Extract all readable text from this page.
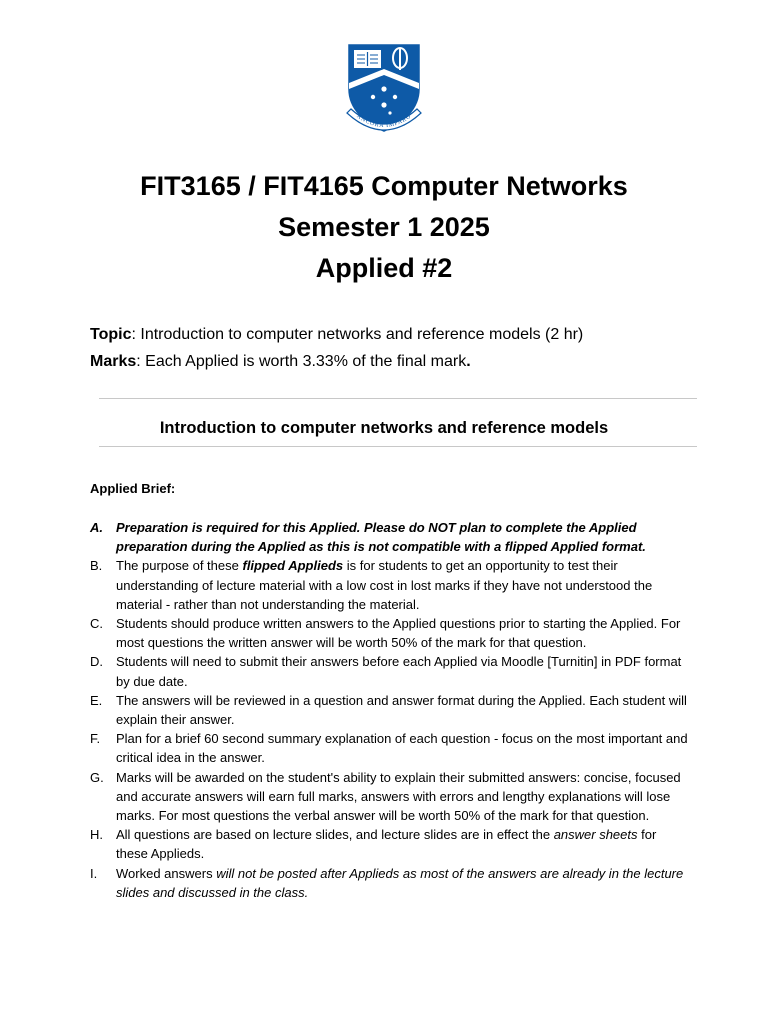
ANCORA IMPARO
FIT3165 / FIT4165 Computer Networks
Semester 1 2025
Applied #2
Topic: Introduction to computer networks and reference models (2 hr)
Marks: Each Applied is worth 3.33% of the final mark.
Introduction to computer networks and reference models
Applied Brief:
A.	Preparation is required for this Applied. Please do NOT plan to complete the Applied preparation during the Applied as this is not compatible with a flipped Applied format.
B.	The purpose of these flipped Applieds is for students to get an opportunity to test their understanding of lecture material with a low cost in lost marks if they have not understood the material - rather than not understanding the material.
C.	Students should produce written answers to the Applied questions prior to starting the Applied. For most questions the written answer will be worth 50% of the mark for that question.
D.	Students will need to submit their answers before each Applied via Moodle [Turnitin] in PDF format by due date.
E.	The answers will be reviewed in a question and answer format during the Applied. Each student will explain their answer.
F.	Plan for a brief 60 second summary explanation of each question - focus on the most important and critical idea in the answer.
G. Marks will be awarded on the student's ability to explain their submitted answers: concise, focused and accurate answers will earn full marks, answers with errors and lengthy explanations will lose marks. For most questions the verbal answer will be worth 50% of the mark for that question.
H.	All questions are based on lecture slides, and lecture slides are in effect the answer sheets for these Applieds.
I.	Worked answers will not be posted after Applieds as most of the answers are already in the lecture slides and discussed in the class.
